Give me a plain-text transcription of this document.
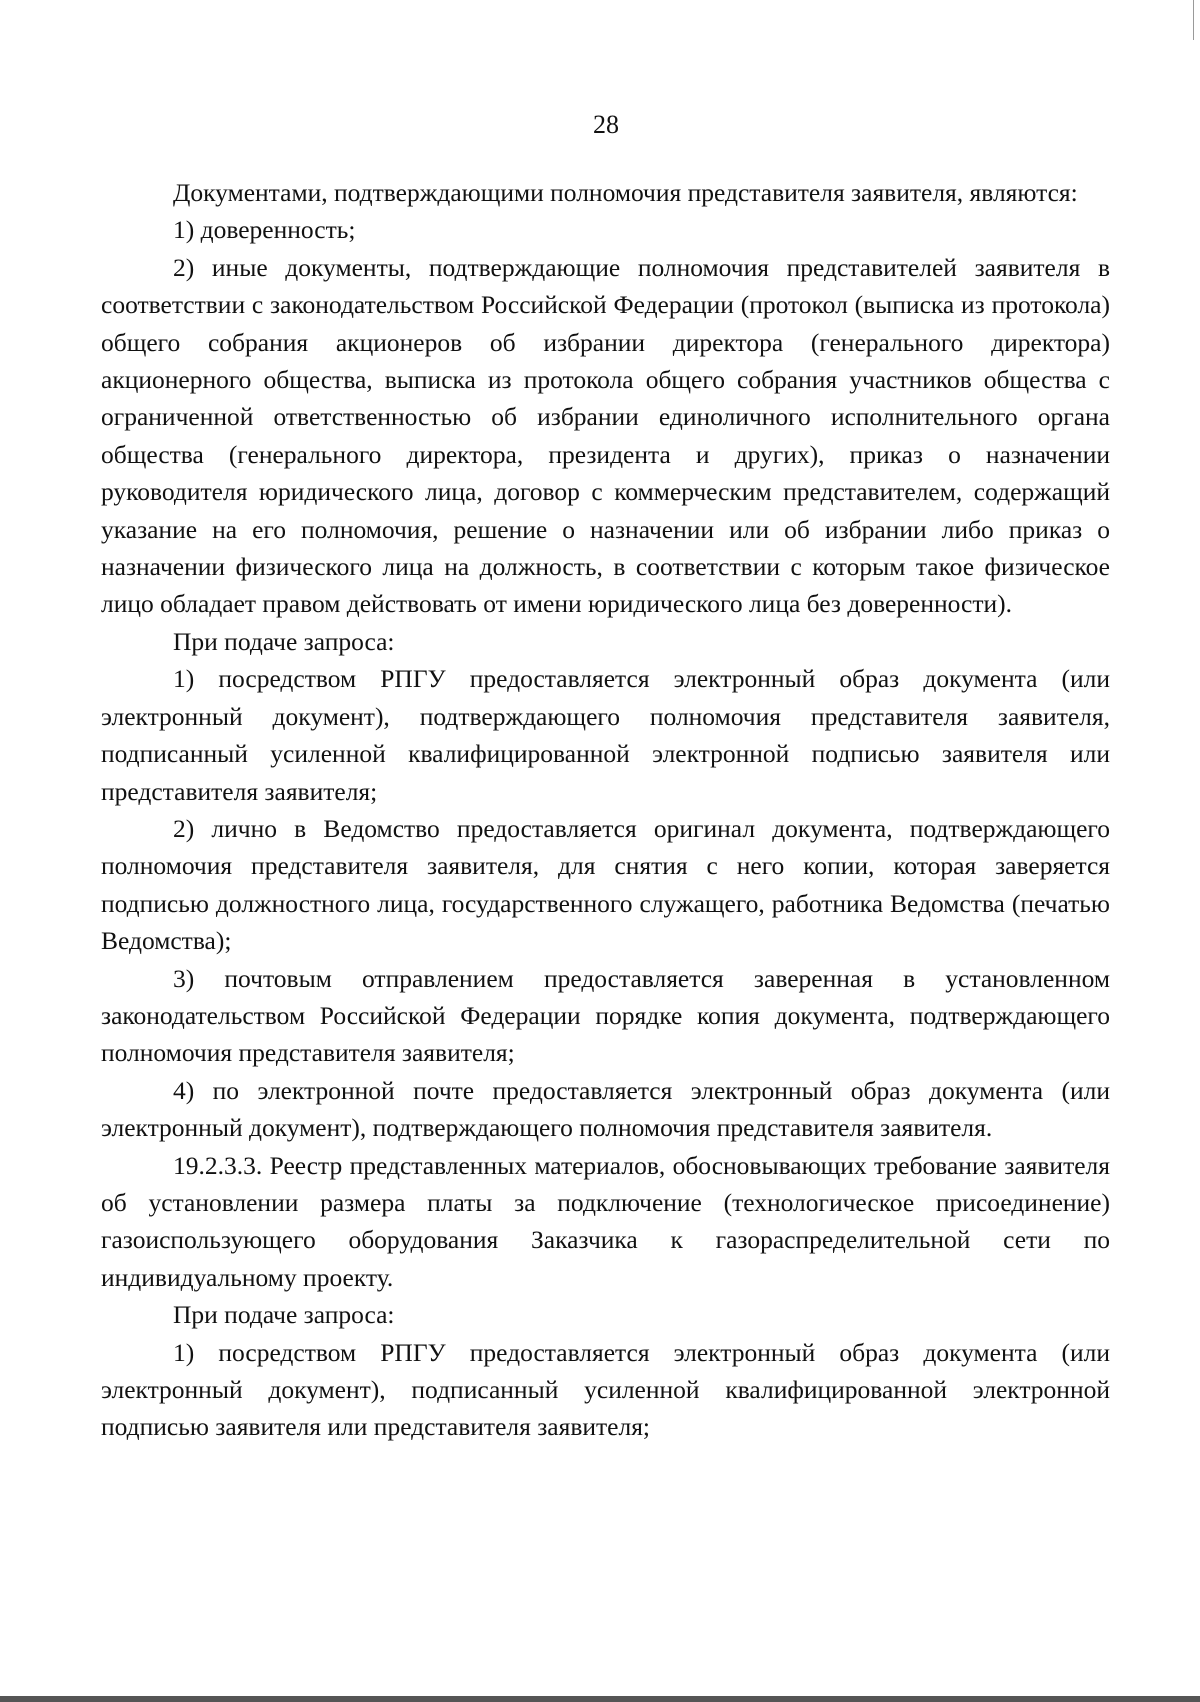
28

Документами, подтверждающими полномочия представителя заявителя, являются:

1) доверенность;

2) иные документы, подтверждающие полномочия представителей заявителя в соответствии с законодательством Российской Федерации (протокол (выписка из протокола) общего собрания акционеров об избрании директора (генерального директора) акционерного общества, выписка из протокола общего собрания участников общества с ограниченной ответственностью об избрании единоличного исполнительного органа общества (генерального директора, президента и других), приказ о назначении руководителя юридического лица, договор с коммерческим представителем, содержащий указание на его полномочия, решение о назначении или об избрании либо приказ о назначении физического лица на должность, в соответствии с которым такое физическое лицо обладает правом действовать от имени юридического лица без доверенности).

При подаче запроса:

1) посредством РПГУ предоставляется электронный образ документа (или электронный документ), подтверждающего полномочия представителя заявителя, подписанный усиленной квалифицированной электронной подписью заявителя или представителя заявителя;

2) лично в Ведомство предоставляется оригинал документа, подтверждающего полномочия представителя заявителя, для снятия с него копии, которая заверяется подписью должностного лица, государственного служащего, работника Ведомства (печатью Ведомства);

3) почтовым отправлением предоставляется заверенная в установленном законодательством Российской Федерации порядке копия документа, подтверждающего полномочия представителя заявителя;

4) по электронной почте предоставляется электронный образ документа (или электронный документ), подтверждающего полномочия представителя заявителя.

19.2.3.3. Реестр представленных материалов, обосновывающих требование заявителя об установлении размера платы за подключение (технологическое присоединение) газоиспользующего оборудования Заказчика к газораспределительной сети по индивидуальному проекту.

При подаче запроса:

1) посредством РПГУ предоставляется электронный образ документа (или электронный документ), подписанный усиленной квалифицированной электронной подписью заявителя или представителя заявителя;
